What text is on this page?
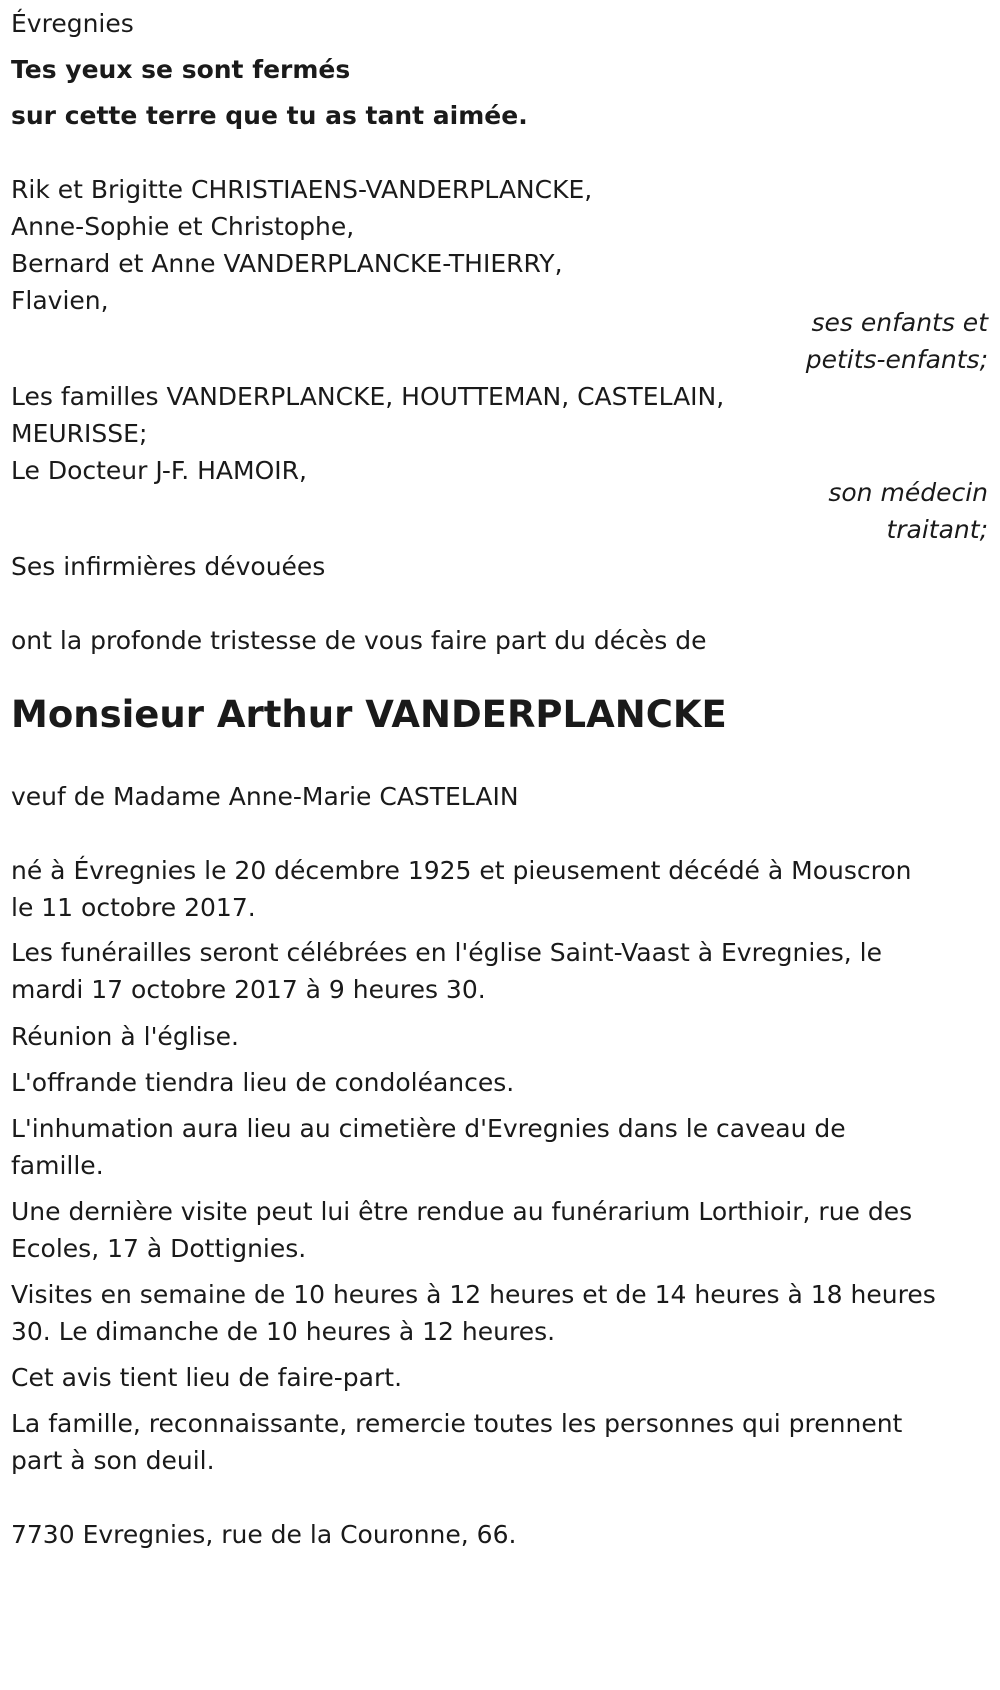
Évregnies
Tes yeux se sont fermés
sur cette terre que tu as tant aimée.
Rik et Brigitte CHRISTIAENS-VANDERPLANCKE,
Anne-Sophie et Christophe,
Bernard et Anne VANDERPLANCKE-THIERRY,
Flavien,
ses enfants et
petits-enfants;
Les familles VANDERPLANCKE, HOUTTEMAN, CASTELAIN,
MEURISSE;
Le Docteur J-F. HAMOIR,
son médecin
traitant;
Ses infirmières dévouées
ont la profonde tristesse de vous faire part du décès de
Monsieur Arthur VANDERPLANCKE
veuf de Madame Anne-Marie CASTELAIN
né à Évregnies le 20 décembre 1925 et pieusement décédé à Mouscron
le 11 octobre 2017.
Les funérailles seront célébrées en l'église Saint-Vaast à Evregnies, le
mardi 17 octobre 2017 à 9 heures 30.
Réunion à l'église.
L'offrande tiendra lieu de condoléances.
L'inhumation aura lieu au cimetière d'Evregnies dans le caveau de
famille.
Une dernière visite peut lui être rendue au funérarium Lorthioir, rue des
Ecoles, 17 à Dottignies.
Visites en semaine de 10 heures à 12 heures et de 14 heures à 18 heures
30. Le dimanche de 10 heures à 12 heures.
Cet avis tient lieu de faire-part.
La famille, reconnaissante, remercie toutes les personnes qui prennent
part à son deuil.
7730 Evregnies, rue de la Couronne, 66.
